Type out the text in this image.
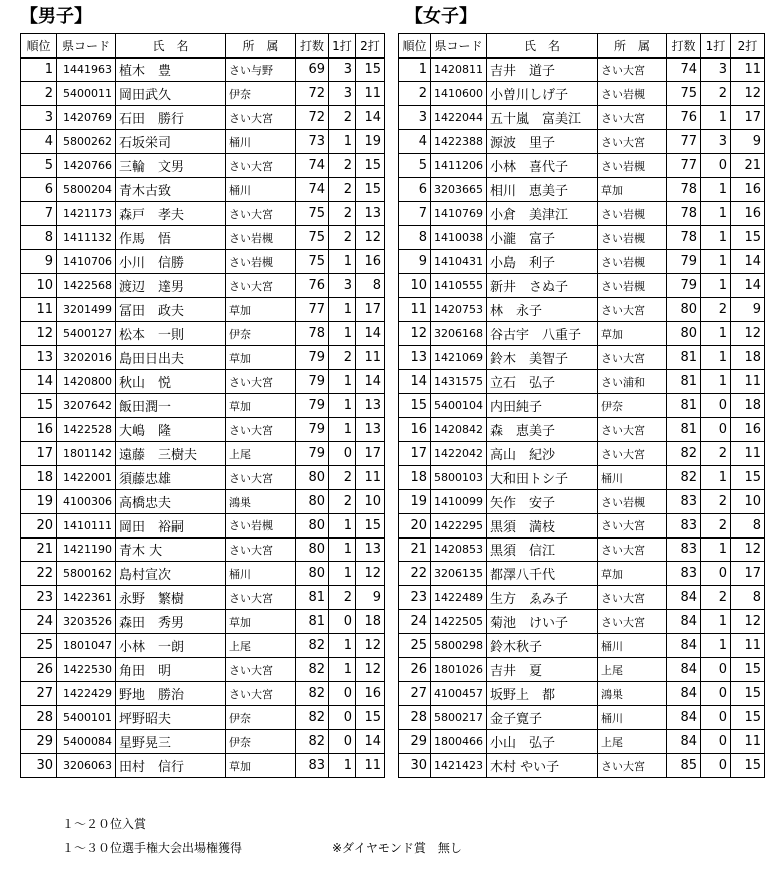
【男子】	【女子】
順位	県コード	氏　名	所　属	打数	1打	2打
1	1441963	植木　豊	さい与野	69	3	15
2	5400011	岡田武久	伊奈	72	3	11
3	1420769	石田　勝行	さい大宮	72	2	14
4	5800262	石坂栄司	桶川	73	1	19
5	1420766	三輪　文男	さい大宮	74	2	15
6	5800204	青木古致	桶川	74	2	15
7	1421173	森戸　孝夫	さい大宮	75	2	13
8	1411132	作馬　悟	さい岩槻	75	2	12
9	1410706	小川　信勝	さい岩槻	75	1	16
10	1422568	渡辺　達男	さい大宮	76	3	8
11	3201499	冨田　政夫	草加	77	1	17
12	5400127	松本　一則	伊奈	78	1	14
13	3202016	島田日出夫	草加	79	2	11
14	1420800	秋山　悦	さい大宮	79	1	14
15	3207642	飯田潤一	草加	79	1	13
16	1422528	大嶋　隆	さい大宮	79	1	13
17	1801142	遠藤　三樹夫	上尾	79	0	17
18	1422001	須藤忠雄	さい大宮	80	2	11
19	4100306	高橋忠夫	鴻巣	80	2	10
20	1410111	岡田　裕嗣	さい岩槻	80	1	15
21	1421190	青木 大	さい大宮	80	1	13
22	5800162	島村宣次	桶川	80	1	12
23	1422361	永野　繁樹	さい大宮	81	2	9
24	3203526	森田　秀男	草加	81	0	18
25	1801047	小林　一朗	上尾	82	1	12
26	1422530	角田　明	さい大宮	82	1	12
27	1422429	野地　勝治	さい大宮	82	0	16
28	5400101	坪野昭夫	伊奈	82	0	15
29	5400084	星野晃三	伊奈	82	0	14
30	3206063	田村　信行	草加	83	1	11
順位	県コード	氏　名	所　属	打数	1打	2打
1	1420811	吉井　道子	さい大宮	74	3	11
2	1410600	小曽川しげ子	さい岩槻	75	2	12
3	1422044	五十嵐　富美江	さい大宮	76	1	17
4	1422388	源波　里子	さい大宮	77	3	9
5	1411206	小林　喜代子	さい岩槻	77	0	21
6	3203665	相川　恵美子	草加	78	1	16
7	1410769	小倉　美津江	さい岩槻	78	1	16
8	1410038	小瀧　富子	さい岩槻	78	1	15
9	1410431	小島　利子	さい岩槻	79	1	14
10	1410555	新井　さぬ子	さい岩槻	79	1	14
11	1420753	林　永子	さい大宮	80	2	9
12	3206168	谷古宇　八重子	草加	80	1	12
13	1421069	鈴木　美智子	さい大宮	81	1	18
14	1431575	立石　弘子	さい浦和	81	1	11
15	5400104	内田純子	伊奈	81	0	18
16	1420842	森　恵美子	さい大宮	81	0	16
17	1422042	高山　紀沙	さい大宮	82	2	11
18	5800103	大和田トシ子	桶川	82	1	15
19	1410099	矢作　安子	さい岩槻	83	2	10
20	1422295	黒須　満枝	さい大宮	83	2	8
21	1420853	黒須　信江	さい大宮	83	1	12
22	3206135	都澤八千代	草加	83	0	17
23	1422489	生方　ゑみ子	さい大宮	84	2	8
24	1422505	菊池　けい子	さい大宮	84	1	12
25	5800298	鈴木秋子	桶川	84	1	11
26	1801026	吉井　夏	上尾	84	0	15
27	4100457	坂野上　都	鴻巣	84	0	15
28	5800217	金子寛子	桶川	84	0	15
29	1800466	小山　弘子	上尾	84	0	11
30	1421423	木村 やい子	さい大宮	85	0	15
１～２０位入賞
１～３０位選手権大会出場権獲得	※ダイヤモンド賞　無し
